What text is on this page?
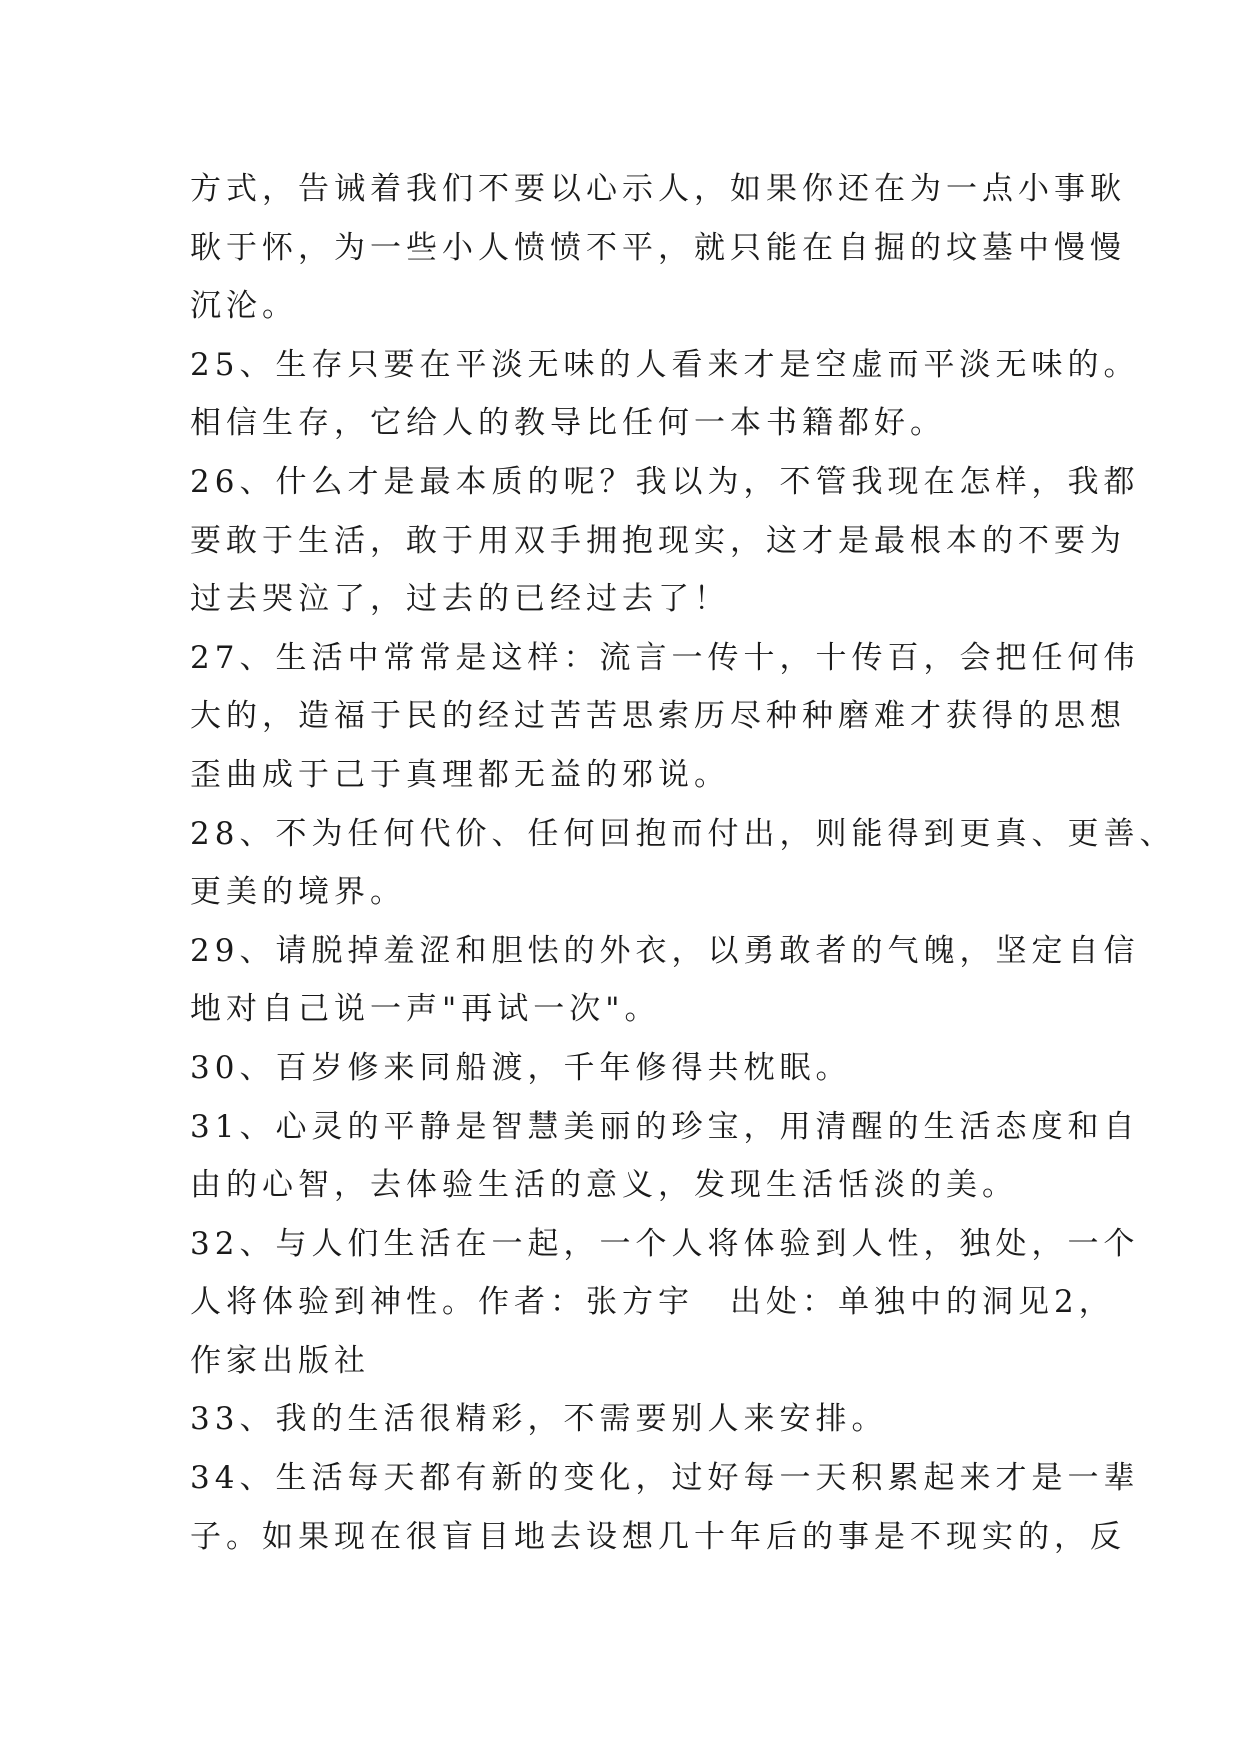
方式，告诫着我们不要以心示人，如果你还在为一点小事耿
耿于怀，为一些小人愤愤不平，就只能在自掘的坟墓中慢慢
沉沦。
25、生存只要在平淡无味的人看来才是空虚而平淡无味的。
相信生存，它给人的教导比任何一本书籍都好。
26、什么才是最本质的呢？我以为，不管我现在怎样，我都
要敢于生活，敢于用双手拥抱现实，这才是最根本的不要为
过去哭泣了，过去的已经过去了！
27、生活中常常是这样：流言一传十，十传百，会把任何伟
大的，造福于民的经过苦苦思索历尽种种磨难才获得的思想
歪曲成于己于真理都无益的邪说。
28、不为任何代价、任何回抱而付出，则能得到更真、更善、
更美的境界。
29、请脱掉羞涩和胆怯的外衣，以勇敢者的气魄，坚定自信
地对自己说一声"再试一次"。
30、百岁修来同船渡，千年修得共枕眠。
31、心灵的平静是智慧美丽的珍宝，用清醒的生活态度和自
由的心智，去体验生活的意义，发现生活恬淡的美。
32、与人们生活在一起，一个人将体验到人性，独处，一个
人将体验到神性。作者：张方宇　出处：单独中的洞见2，
作家出版社
33、我的生活很精彩，不需要别人来安排。
34、生活每天都有新的变化，过好每一天积累起来才是一辈
子。如果现在很盲目地去设想几十年后的事是不现实的，反
